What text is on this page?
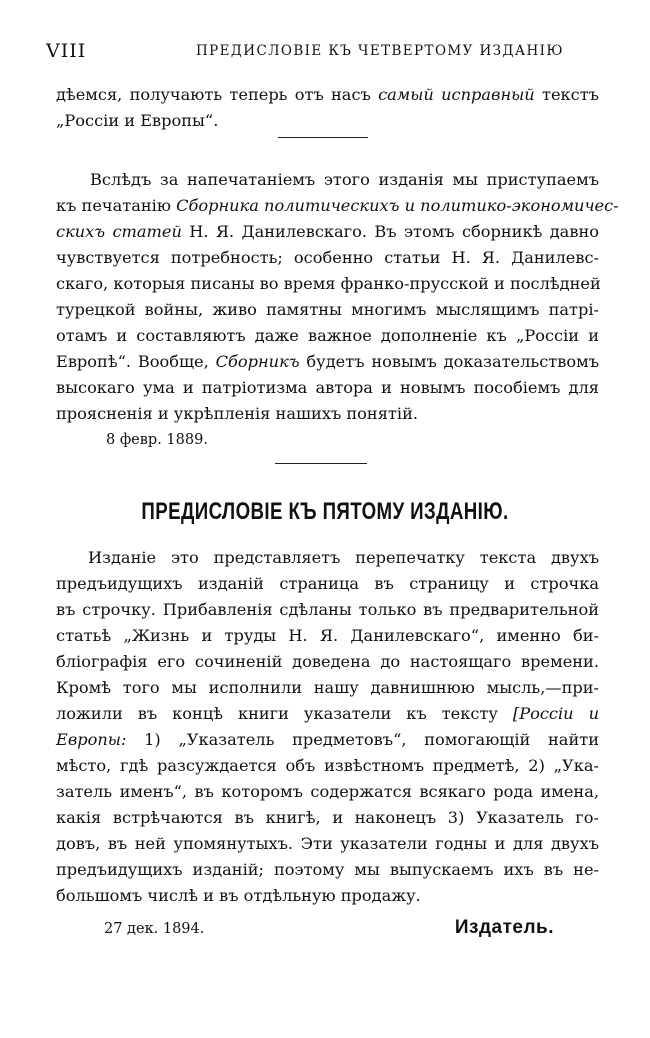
VIII	ПРЕДИСЛОВІЕ КЪ ЧЕТВЕРТОМУ ИЗДАНІЮ
дѣемся, получають теперь отъ насъ самый исправный текстъ
„Россіи и Европы“.
Вслѣдъ за напечатаніемъ этого изданія мы приступаемъ
къ печатанію Сборника политическихъ и политико-экономичес-
скихъ статей Н. Я. Данилевскаго. Въ этомъ сборникѣ давно
чувствуется потребность; особенно статьи Н. Я. Данилевс-
скаго, которыя писаны во время франко-прусской и послѣдней
турецкой войны, живо памятны многимъ мыслящимъ патрі-
отамъ и составляютъ даже важное дополненіе къ „Россіи и
Европѣ“. Вообще, Сборникъ будетъ новымъ доказательствомъ
высокаго ума и патріотизма автора и новымъ пособіемъ для
проясненія и укрѣпленія нашихъ понятій.
8 февр. 1889.
ПРЕДИСЛОВІЕ КЪ ПЯТОМУ ИЗДАНІЮ.
Изданіе это представляетъ перепечатку текста двухъ
предъидущихъ изданій страница въ страницу и строчка
въ строчку. Прибавленія сдѣланы только въ предварительной
статьѣ „Жизнь и труды Н. Я. Данилевскаго“, именно би-
бліографія его сочиненій доведена до настоящаго времени.
Кромѣ того мы исполнили нашу давнишнюю мысль,—при-
ложили въ концѣ книги указатели къ тексту [Россіи и
Европы: 1) „Указатель предметовъ“, помогающій найти
мѣсто, гдѣ разсуждается объ извѣстномъ предметѣ, 2) „Ука-
затель именъ“, въ которомъ содержатся всякаго рода имена,
какія встрѣчаются въ книгѣ, и наконецъ 3) Указатель го-
довъ, въ ней упомянутыхъ. Эти указатели годны и для двухъ
предъидущихъ изданій; поэтому мы выпускаемъ ихъ въ не-
большомъ числѣ и въ отдѣльную продажу.
27 дек. 1894.	Издатель.
